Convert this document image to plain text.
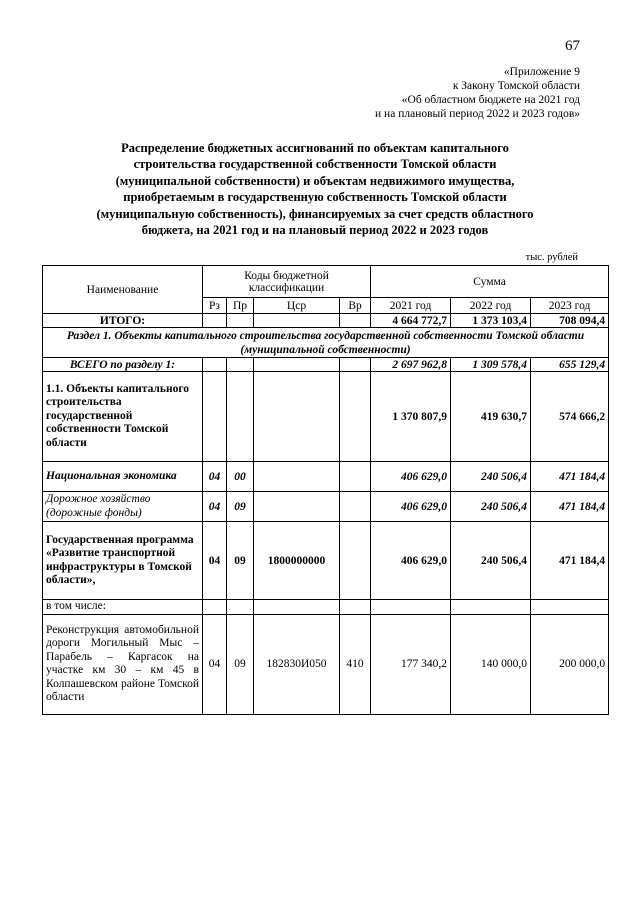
67
«Приложение 9
к Закону Томской области
«Об областном бюджете на 2021 год
и на плановый период 2022 и 2023 годов»
Распределение бюджетных ассигнований по объектам капитального
строительства государственной собственности Томской области
(муниципальной собственности) и объектам недвижимого имущества,
приобретаемым в государственную собственность Томской области
(муниципальную собственность), финансируемых за счет средств областного
бюджета, на 2021 год и на плановый период 2022 и 2023 годов
тыс. рублей
Наименование	Коды бюджетной классификации				Сумма		
	Рз	Пр	Цср	Вр	2021 год	2022 год	2023 год
ИТОГО:					4 664 772,7	1 373 103,4	708 094,4
Раздел 1. Объекты капитального строительства государственной собственности Томской области (муниципальной собственности)							
ВСЕГО по разделу 1:					2 697 962,8	1 309 578,4	655 129,4
1.1. Объекты капитального строительства государственной собственности Томской области					1 370 807,9	419 630,7	574 666,2
Национальная экономика	04	00			406 629,0	240 506,4	471 184,4
Дорожное хозяйство (дорожные фонды)	04	09			406 629,0	240 506,4	471 184,4
Государственная программа «Развитие транспортной инфраструктуры в Томской области»,	04	09	1800000000		406 629,0	240 506,4	471 184,4
в том числе:							
Реконструкция автомобильной дороги Могильный Мыс – Парабель – Каргасок на участке км 30 – км 45 в Колпашевском районе Томской области	04	09	182830И050	410	177 340,2	140 000,0	200 000,0
